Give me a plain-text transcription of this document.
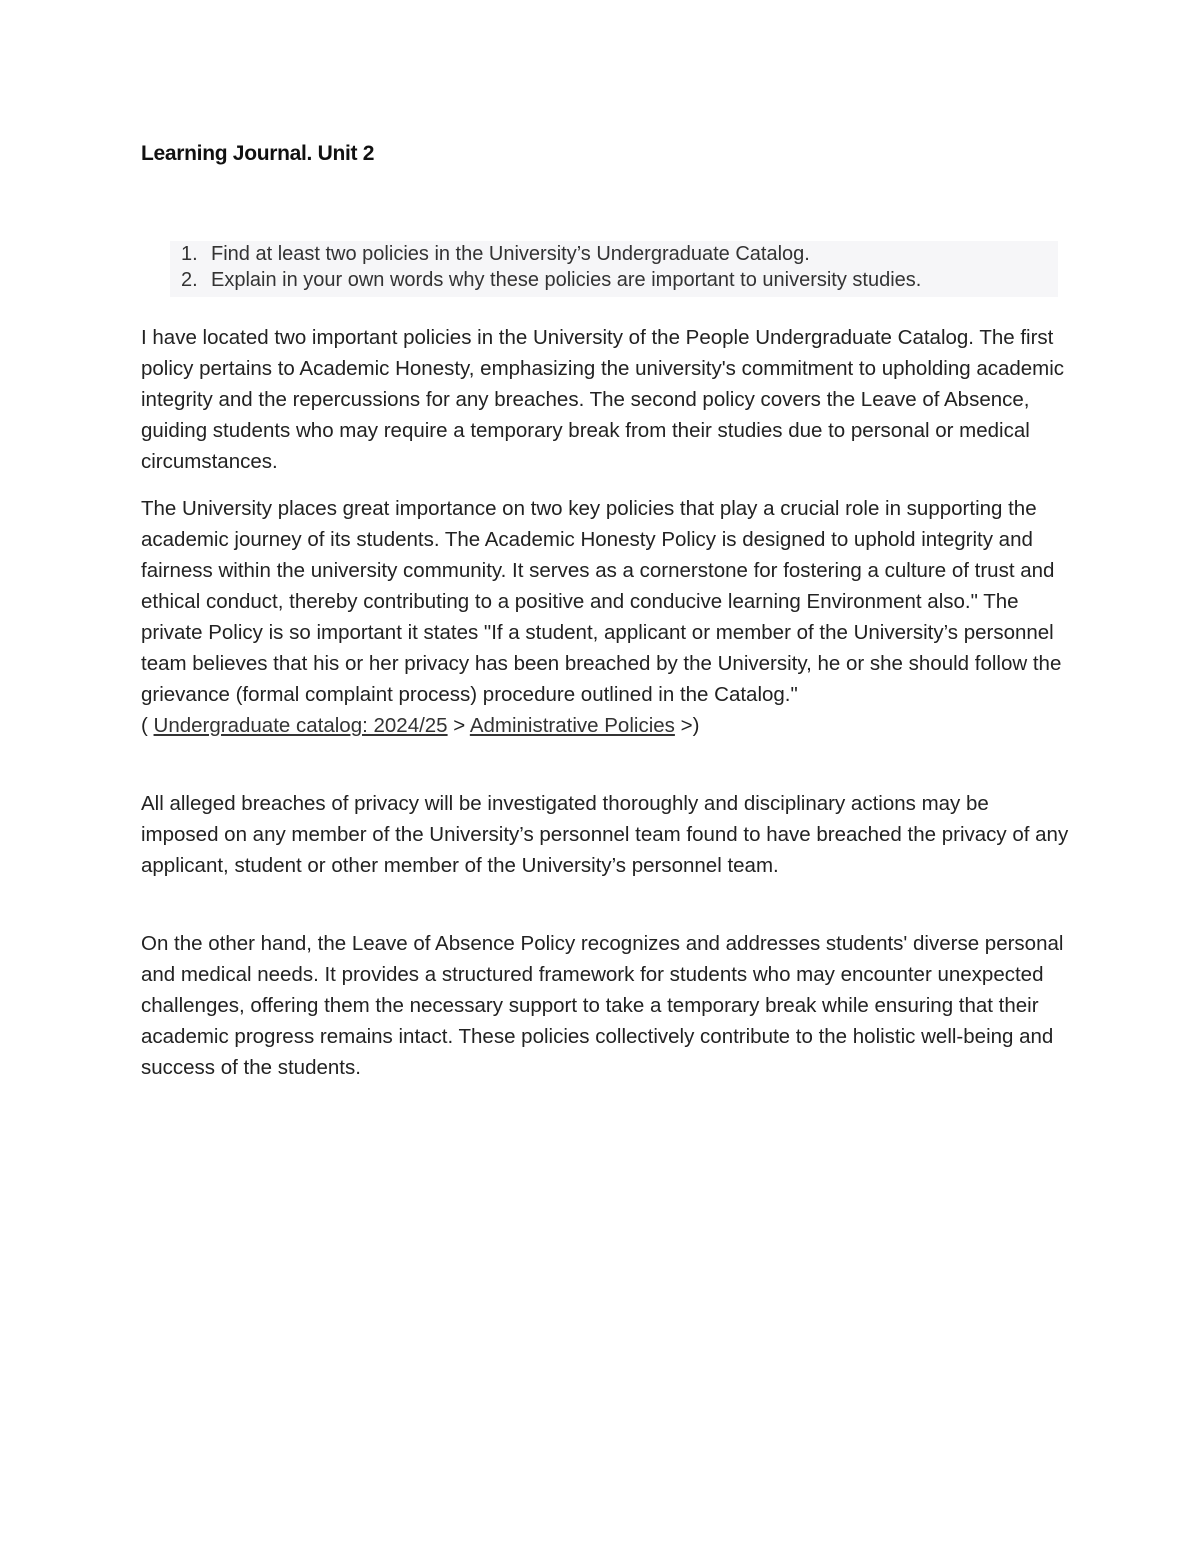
Learning Journal. Unit 2
1. Find at least two policies in the University’s Undergraduate Catalog.
2. Explain in your own words why these policies are important to university studies.

I have located two important policies in the University of the People Undergraduate Catalog. The first policy pertains to Academic Honesty, emphasizing the university's commitment to upholding academic integrity and the repercussions for any breaches. The second policy covers the Leave of Absence, guiding students who may require a temporary break from their studies due to personal or medical circumstances.

The University places great importance on two key policies that play a crucial role in supporting the academic journey of its students. The Academic Honesty Policy is designed to uphold integrity and fairness within the university community. It serves as a cornerstone for fostering a culture of trust and ethical conduct, thereby contributing to a positive and conducive learning Environment also." The private Policy is so important it states "If a student, applicant or member of the University’s personnel team believes that his or her privacy has been breached by the University, he or she should follow the grievance (formal complaint process) procedure outlined in the Catalog."
( Undergraduate catalog: 2024/25 > Administrative Policies >)

All alleged breaches of privacy will be investigated thoroughly and disciplinary actions may be imposed on any member of the University’s personnel team found to have breached the privacy of any applicant, student or other member of the University’s personnel team.

On the other hand, the Leave of Absence Policy recognizes and addresses students' diverse personal and medical needs. It provides a structured framework for students who may encounter unexpected challenges, offering them the necessary support to take a temporary break while ensuring that their academic progress remains intact. These policies collectively contribute to the holistic well-being and success of the students.
